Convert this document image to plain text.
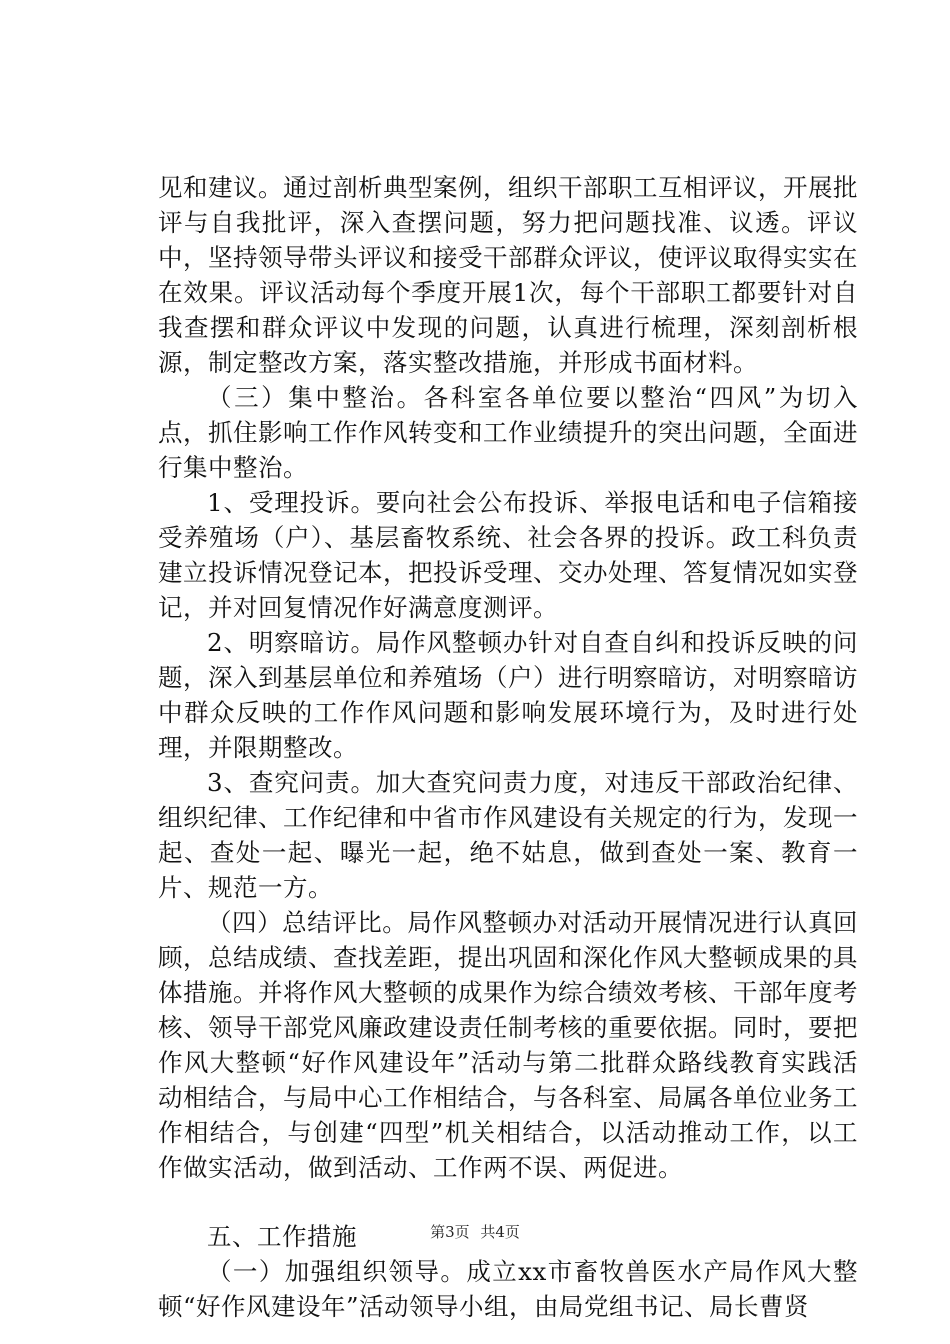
见和建议。通过剖析典型案例，组织干部职工互相评议，开展批评与自我批评，深入查摆问题，努力把问题找准、议透。评议中，坚持领导带头评议和接受干部群众评议，使评议取得实实在在效果。评议活动每个季度开展1次，每个干部职工都要针对自我查摆和群众评议中发现的问题，认真进行梳理，深刻剖析根源，制定整改方案，落实整改措施，并形成书面材料。

（三）集中整治。各科室各单位要以整治“四风”为切入点，抓住影响工作作风转变和工作业绩提升的突出问题，全面进行集中整治。

1、受理投诉。要向社会公布投诉、举报电话和电子信箱接受养殖场（户）、基层畜牧系统、社会各界的投诉。政工科负责建立投诉情况登记本，把投诉受理、交办处理、答复情况如实登记，并对回复情况作好满意度测评。

2、明察暗访。局作风整顿办针对自查自纠和投诉反映的问题，深入到基层单位和养殖场（户）进行明察暗访，对明察暗访中群众反映的工作作风问题和影响发展环境行为，及时进行处理，并限期整改。

3、查究问责。加大查究问责力度，对违反干部政治纪律、组织纪律、工作纪律和中省市作风建设有关规定的行为，发现一起、查处一起、曝光一起，绝不姑息，做到查处一案、教育一片、规范一方。

（四）总结评比。局作风整顿办对活动开展情况进行认真回顾，总结成绩、查找差距，提出巩固和深化作风大整顿成果的具体措施。并将作风大整顿的成果作为综合绩效考核、干部年度考核、领导干部党风廉政建设责任制考核的重要依据。同时，要把作风大整顿“好作风建设年”活动与第二批群众路线教育实践活动相结合，与局中心工作相结合，与各科室、局属各单位业务工作相结合，与创建“四型”机关相结合，以活动推动工作，以工作做实活动，做到活动、工作两不误、两促进。

五、工作措施

（一）加强组织领导。成立xx市畜牧兽医水产局作风大整顿“好作风建设年”活动领导小组，由局党组书记、局长曹贤

第3页 共4页
